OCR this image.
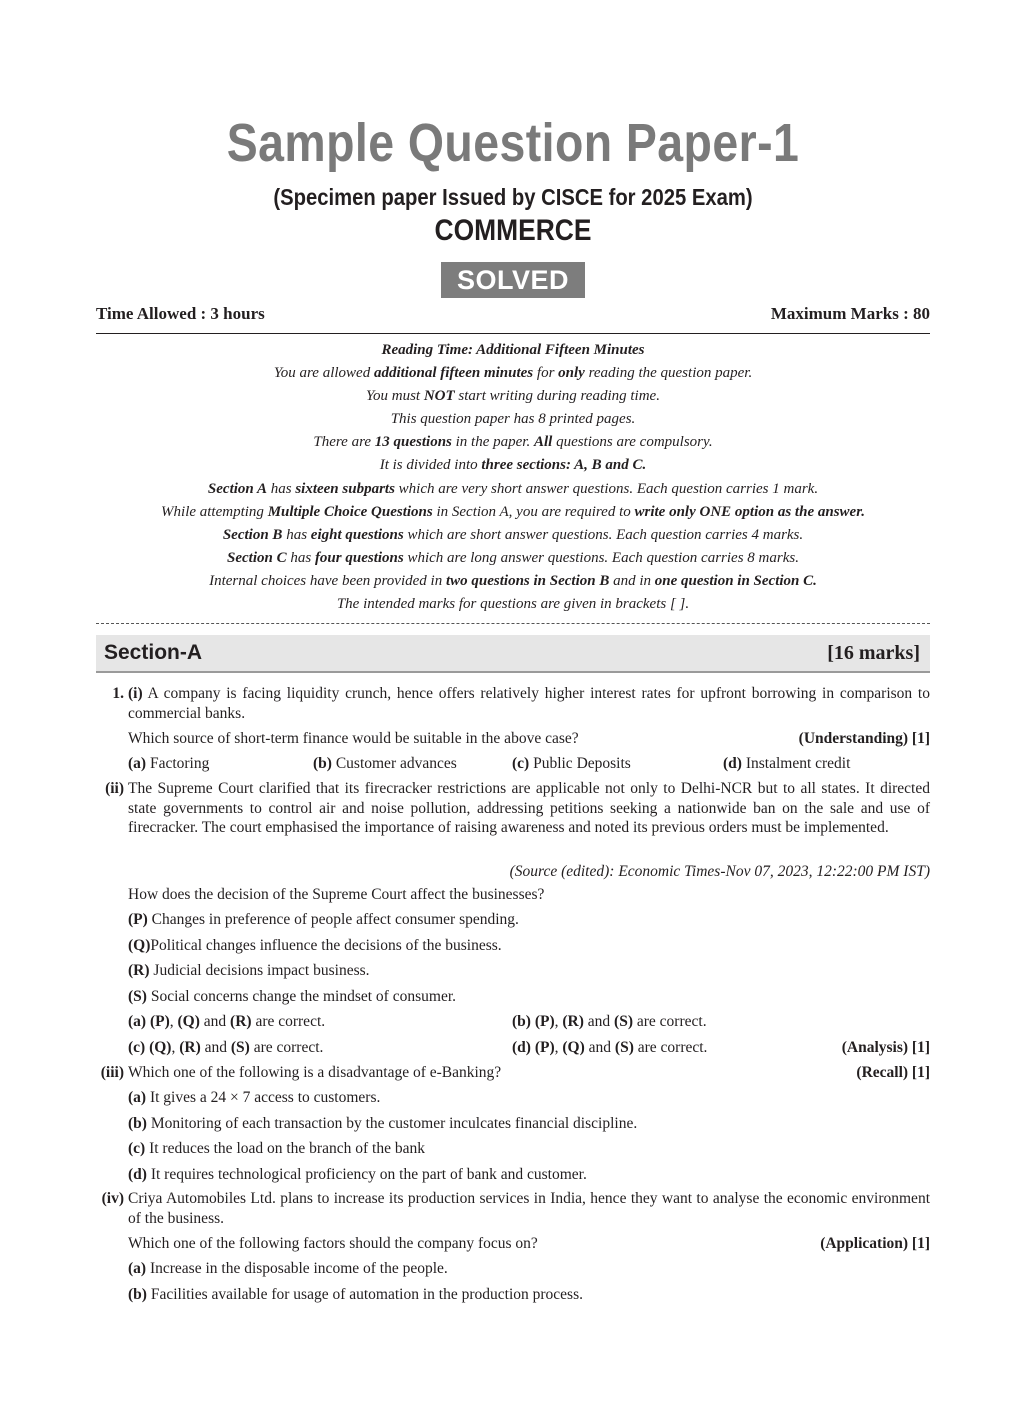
Sample Question Paper-1
(Specimen paper Issued by CISCE for 2025 Exam)
COMMERCE
SOLVED
Time Allowed : 3 hours	Maximum Marks : 80
Reading Time: Additional Fifteen Minutes
You are allowed additional fifteen minutes for only reading the question paper.
You must NOT start writing during reading time.
This question paper has 8 printed pages.
There are 13 questions in the paper. All questions are compulsory.
It is divided into three sections: A, B and C.
Section A has sixteen subparts which are very short answer questions. Each question carries 1 mark.
While attempting Multiple Choice Questions in Section A, you are required to write only ONE option as the answer.
Section B has eight questions which are short answer questions. Each question carries 4 marks.
Section C has four questions which are long answer questions. Each question carries 8 marks.
Internal choices have been provided in two questions in Section B and in one question in Section C.
The intended marks for questions are given in brackets [ ].
Section-A	[16 marks]
1. (i) A company is facing liquidity crunch, hence offers relatively higher interest rates for upfront borrowing in comparison to commercial banks.
Which source of short-term finance would be suitable in the above case?	(Understanding) [1]
(a) Factoring	(b) Customer advances	(c) Public Deposits	(d) Instalment credit
(ii) The Supreme Court clarified that its firecracker restrictions are applicable not only to Delhi-NCR but to all states. It directed state governments to control air and noise pollution, addressing petitions seeking a nationwide ban on the sale and use of firecracker. The court emphasised the importance of raising awareness and noted its previous orders must be implemented.
(Source (edited): Economic Times-Nov 07, 2023, 12:22:00 PM IST)
How does the decision of the Supreme Court affect the businesses?
(P) Changes in preference of people affect consumer spending.
(Q)Political changes influence the decisions of the business.
(R) Judicial decisions impact business.
(S) Social concerns change the mindset of consumer.
(a) (P), (Q) and (R) are correct.	(b) (P), (R) and (S) are correct.
(c) (Q), (R) and (S) are correct.	(d) (P), (Q) and (S) are correct.	(Analysis) [1]
(iii) Which one of the following is a disadvantage of e-Banking?	(Recall) [1]
(a) It gives a 24 × 7 access to customers.
(b) Monitoring of each transaction by the customer inculcates financial discipline.
(c) It reduces the load on the branch of the bank
(d) It requires technological proficiency on the part of bank and customer.
(iv) Criya Automobiles Ltd. plans to increase its production services in India, hence they want to analyse the economic environment of the business.
Which one of the following factors should the company focus on?	(Application) [1]
(a) Increase in the disposable income of the people.
(b) Facilities available for usage of automation in the production process.
